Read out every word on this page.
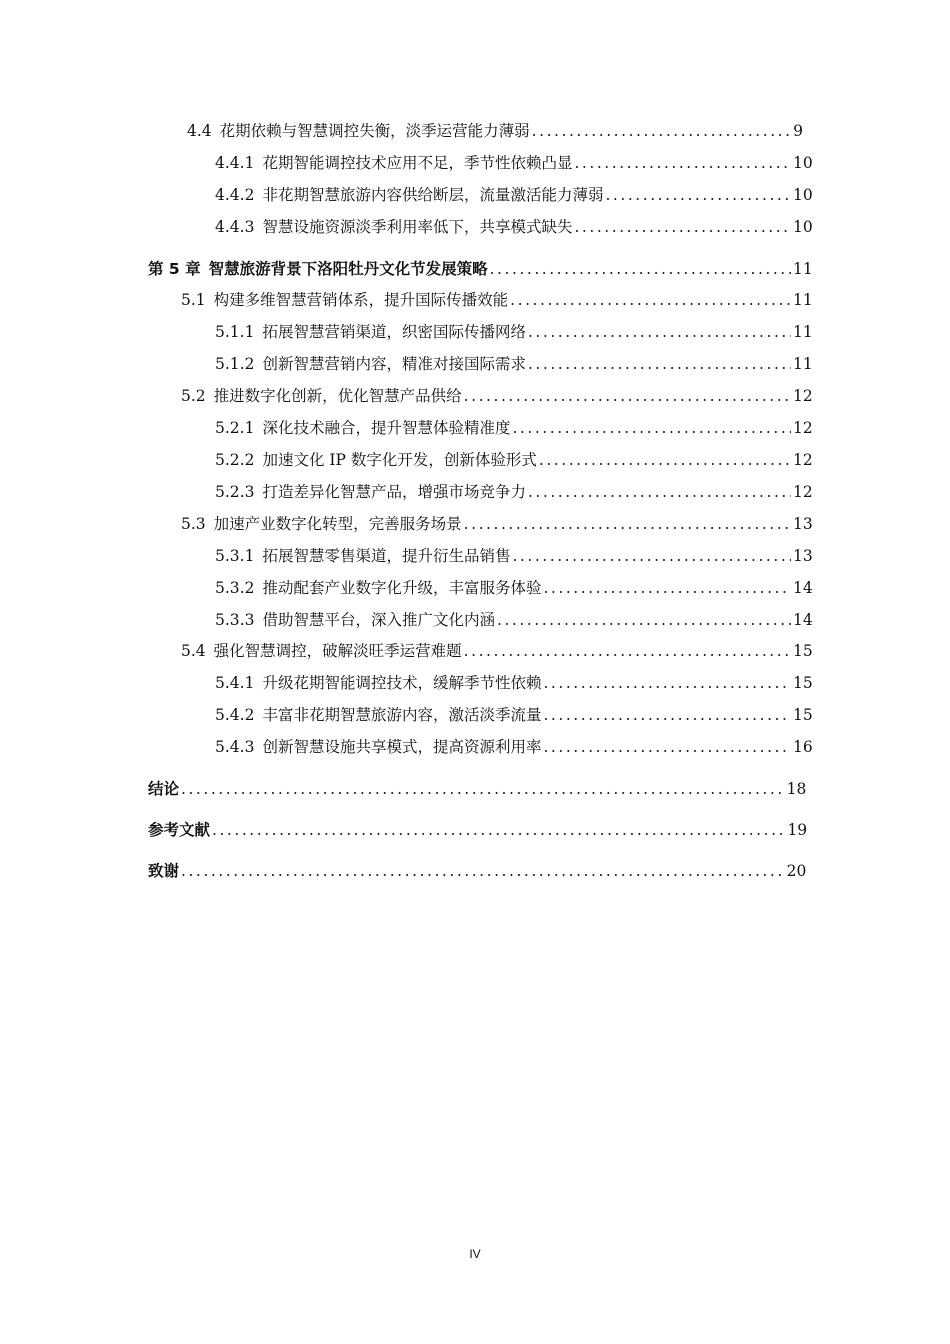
4.4 花期依赖与智慧调控失衡，淡季运营能力薄弱 . . .	9
4.4.1 花期智能调控技术应用不足，季节性依赖凸显 . . .	10
4.4.2 非花期智慧旅游内容供给断层，流量激活能力薄弱 . . .	10
4.4.3 智慧设施资源淡季利用率低下，共享模式缺失 . . .	10
第 5 章 智慧旅游背景下洛阳牡丹文化节发展策略 . . .	11
5.1 构建多维智慧营销体系，提升国际传播效能 . . .	11
5.1.1 拓展智慧营销渠道，织密国际传播网络 . . .	11
5.1.2 创新智慧营销内容，精准对接国际需求 . . .	11
5.2 推进数字化创新，优化智慧产品供给 . . .	12
5.2.1 深化技术融合，提升智慧体验精准度 . . .	12
5.2.2 加速文化 IP 数字化开发，创新体验形式 . . .	12
5.2.3 打造差异化智慧产品，增强市场竞争力 . . .	12
5.3 加速产业数字化转型，完善服务场景 . . .	13
5.3.1 拓展智慧零售渠道，提升衍生品销售 . . .	13
5.3.2 推动配套产业数字化升级，丰富服务体验 . . .	14
5.3.3 借助智慧平台，深入推广文化内涵 . . .	14
5.4 强化智慧调控，破解淡旺季运营难题 . . .	15
5.4.1 升级花期智能调控技术，缓解季节性依赖 . . .	15
5.4.2 丰富非花期智慧旅游内容，激活淡季流量 . . .	15
5.4.3 创新智慧设施共享模式，提高资源利用率 . . .	16
结论 . . .	18
参考文献 . . .	19
致谢 . . .	20
IV
